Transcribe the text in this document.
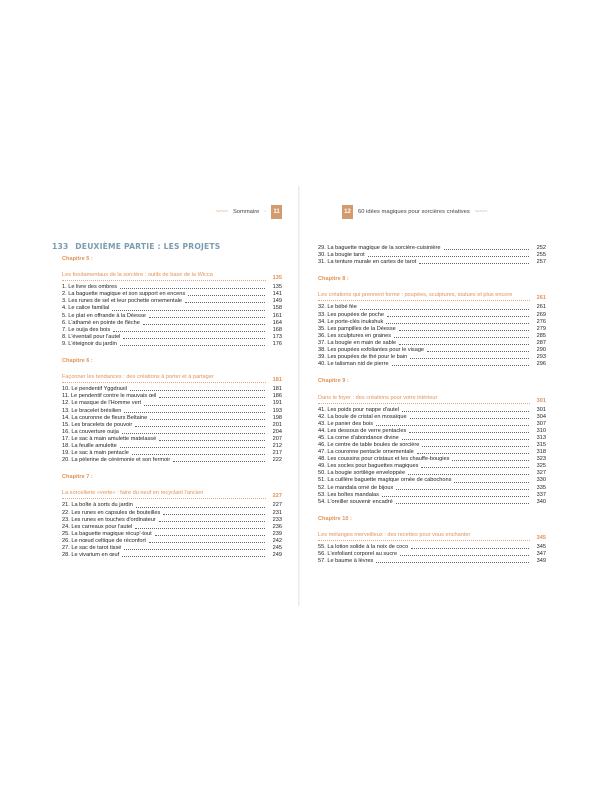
~◦~◦~ Sommaire ◦	11
133 DEUXIÈME PARTIE : LES PROJETS
Chapitre 5 :
Les fondamentaux de la sorcière : outils de base de la Wicca	135
1. Le livre des ombres	135
2. La baguette magique et son support en encens	141
3. Les runes de sel et leur pochette ornementale	149
4. Le calice familial	158
5. Le plat en offrande à la Déesse	161
6. L'athamé en pointe de flèche	164
7. Le ouija des bois	168
8. L'éventail pour l'autel	173
9. L'éteignoir du jardin	176
Chapitre 6 :
Façonner les tendances : des créations à porter et à partager	181
10. Le pendentif Yggdrasil	181
11. Le pendentif contre le mauvais œil	186
12. Le masque de l'Homme vert	191
13. Le bracelet brésilien	193
14. La couronne de fleurs Beltaine	198
15. Les bracelets de pouvoir	201
16. La couverture ouija	204
17. Le sac à main amulette matelassé	207
18. La feuille amulette	212
19. Le sac à main pentacle	217
20. La pèlerine de cérémonie et son fermoir	222
Chapitre 7 :
La sorcellerie «verte» : faire du neuf en recyclant l'ancien	227
21. La boîte à sorts du jardin	227
22. Les runes en capsules de bouteilles	231
23. Les runes en touches d'ordinateur	233
24. Les carreaux pour l'autel	236
25. La baguette magique récup'-tout	239
26. Le nœud celtique de réconfort	242
27. Le sac de tarot tissé	245
28. Le vivarium en œuf	249
12	60 idées magiques pour sorcières créatives ~◦~◦~
29. La baguette magique de la sorcière-cuisinière	252
30. La bougie tarot	255
31. La tenture murale en cartes de tarot	257
Chapitre 8 :
Les créations qui prennent forme : poupées, sculptures, statues et plus encore	261
32. Le bébé fée	261
33. Les poupées de poche	269
34. Le porte-clés inukshuk	276
35. Les pampilles de la Déesse	279
36. Les sculptures en graines	285
37. La bougie en main de sable	287
38. Les poupées exfoliantes pour le visage	290
39. Les poupées de thé pour le bain	293
40. Le talisman nid de pierre	296
Chapitre 9 :
Dans le foyer : des créations pour votre intérieur	301
41. Les poids pour nappe d'autel	301
42. La boule de cristal en mosaïque	304
43. Le panier des bois	307
44. Les dessous de verre pentacles	310
45. La corne d'abondance divine	313
46. Le centre de table boules de sorcière	315
47. La couronne pentacle ornementale	318
48. Les coussins pour cristaux et les chauffe-bougies	323
49. Les socles pour baguettes magiques	325
50. La bougie sortilège enveloppée	327
51. La cuillère baguette magique ornée de cabochons	330
52. Le mandala orné de bijoux	335
53. Les boîtes mandalas	337
54. L'oreiller souvenir encadré	340
Chapitre 10 :
Les mélanges merveilleux : des recettes pour vous enchanter	345
55. La lotion solide à la noix de coco	345
56. L'exfoliant corporel au sucre	347
57. Le baume à lèvres	349
